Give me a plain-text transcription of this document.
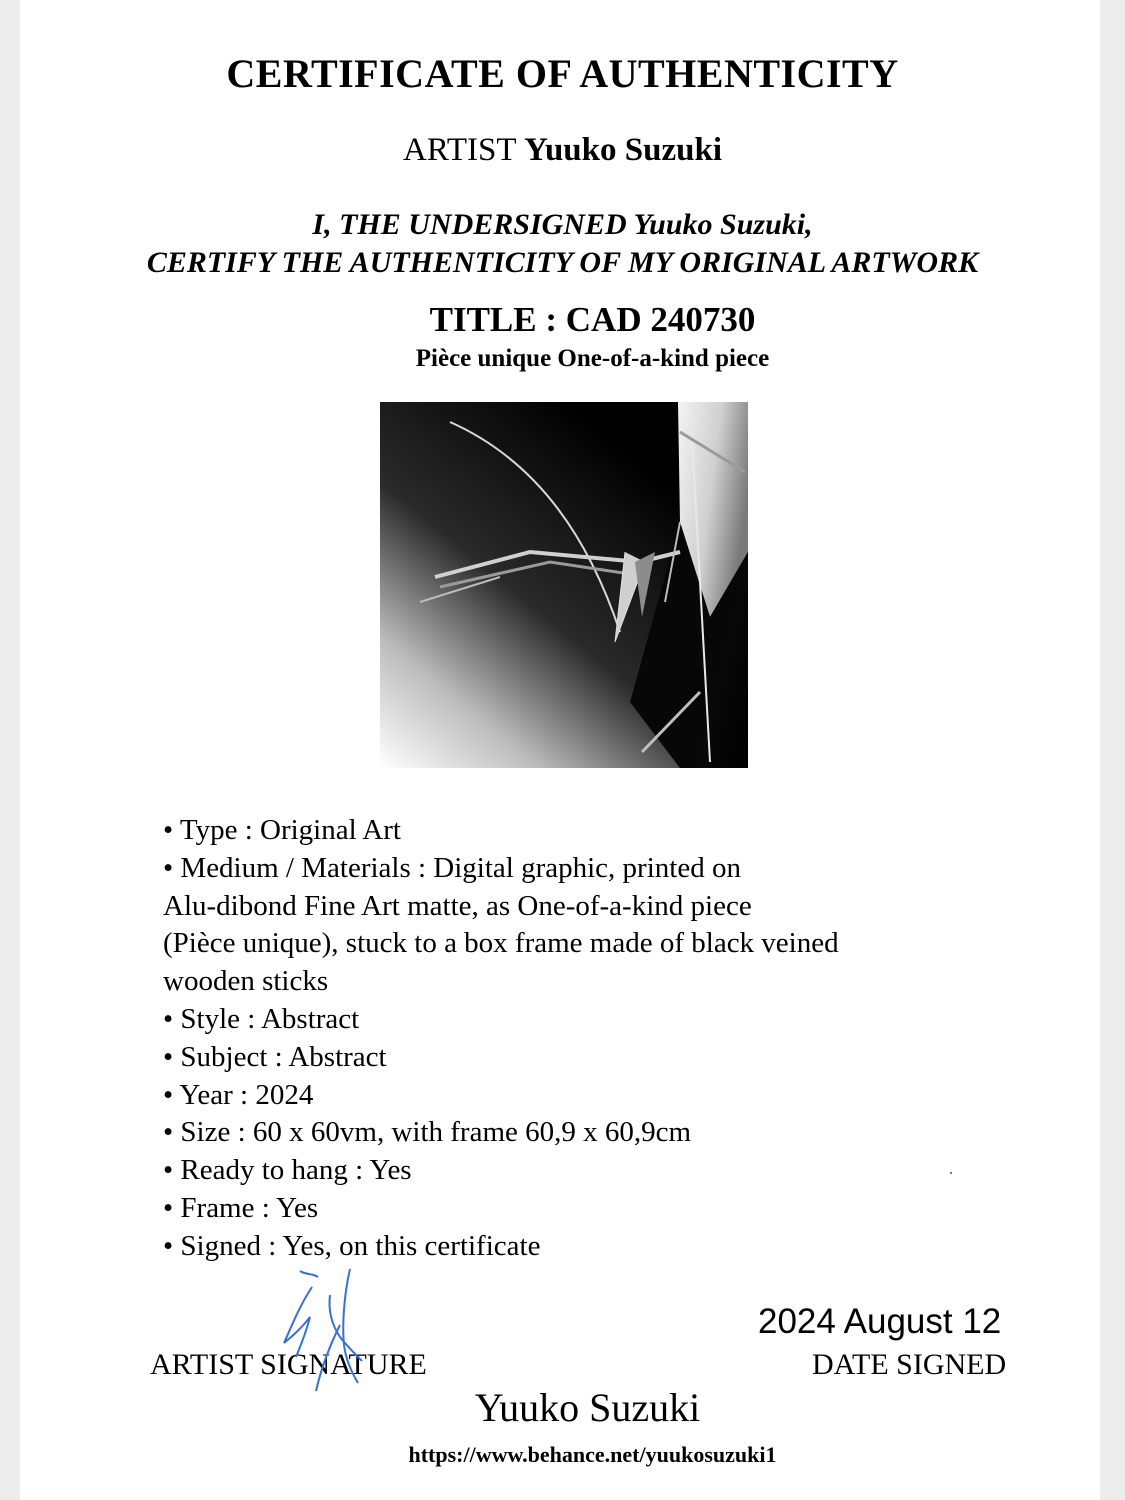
CERTIFICATE OF AUTHENTICITY
ARTIST Yuuko Suzuki
I, THE UNDERSIGNED Yuuko Suzuki,
CERTIFY THE AUTHENTICITY OF MY ORIGINAL ARTWORK
TITLE : CAD 240730
Pièce unique One-of-a-kind piece
• Type : Original Art
• Medium / Materials : Digital graphic, printed on
Alu-dibond Fine Art matte, as One-of-a-kind piece
(Pièce unique), stuck to a box frame made of black veined
wooden sticks
• Style : Abstract
• Subject : Abstract
• Year : 2024
• Size : 60 x 60vm, with frame 60,9 x 60,9cm
• Ready to hang : Yes
• Frame : Yes
• Signed : Yes, on this certificate
ARTIST SIGNATURE
2024 August 12
DATE SIGNED
Yuuko Suzuki
https://www.behance.net/yuukosuzuki1
